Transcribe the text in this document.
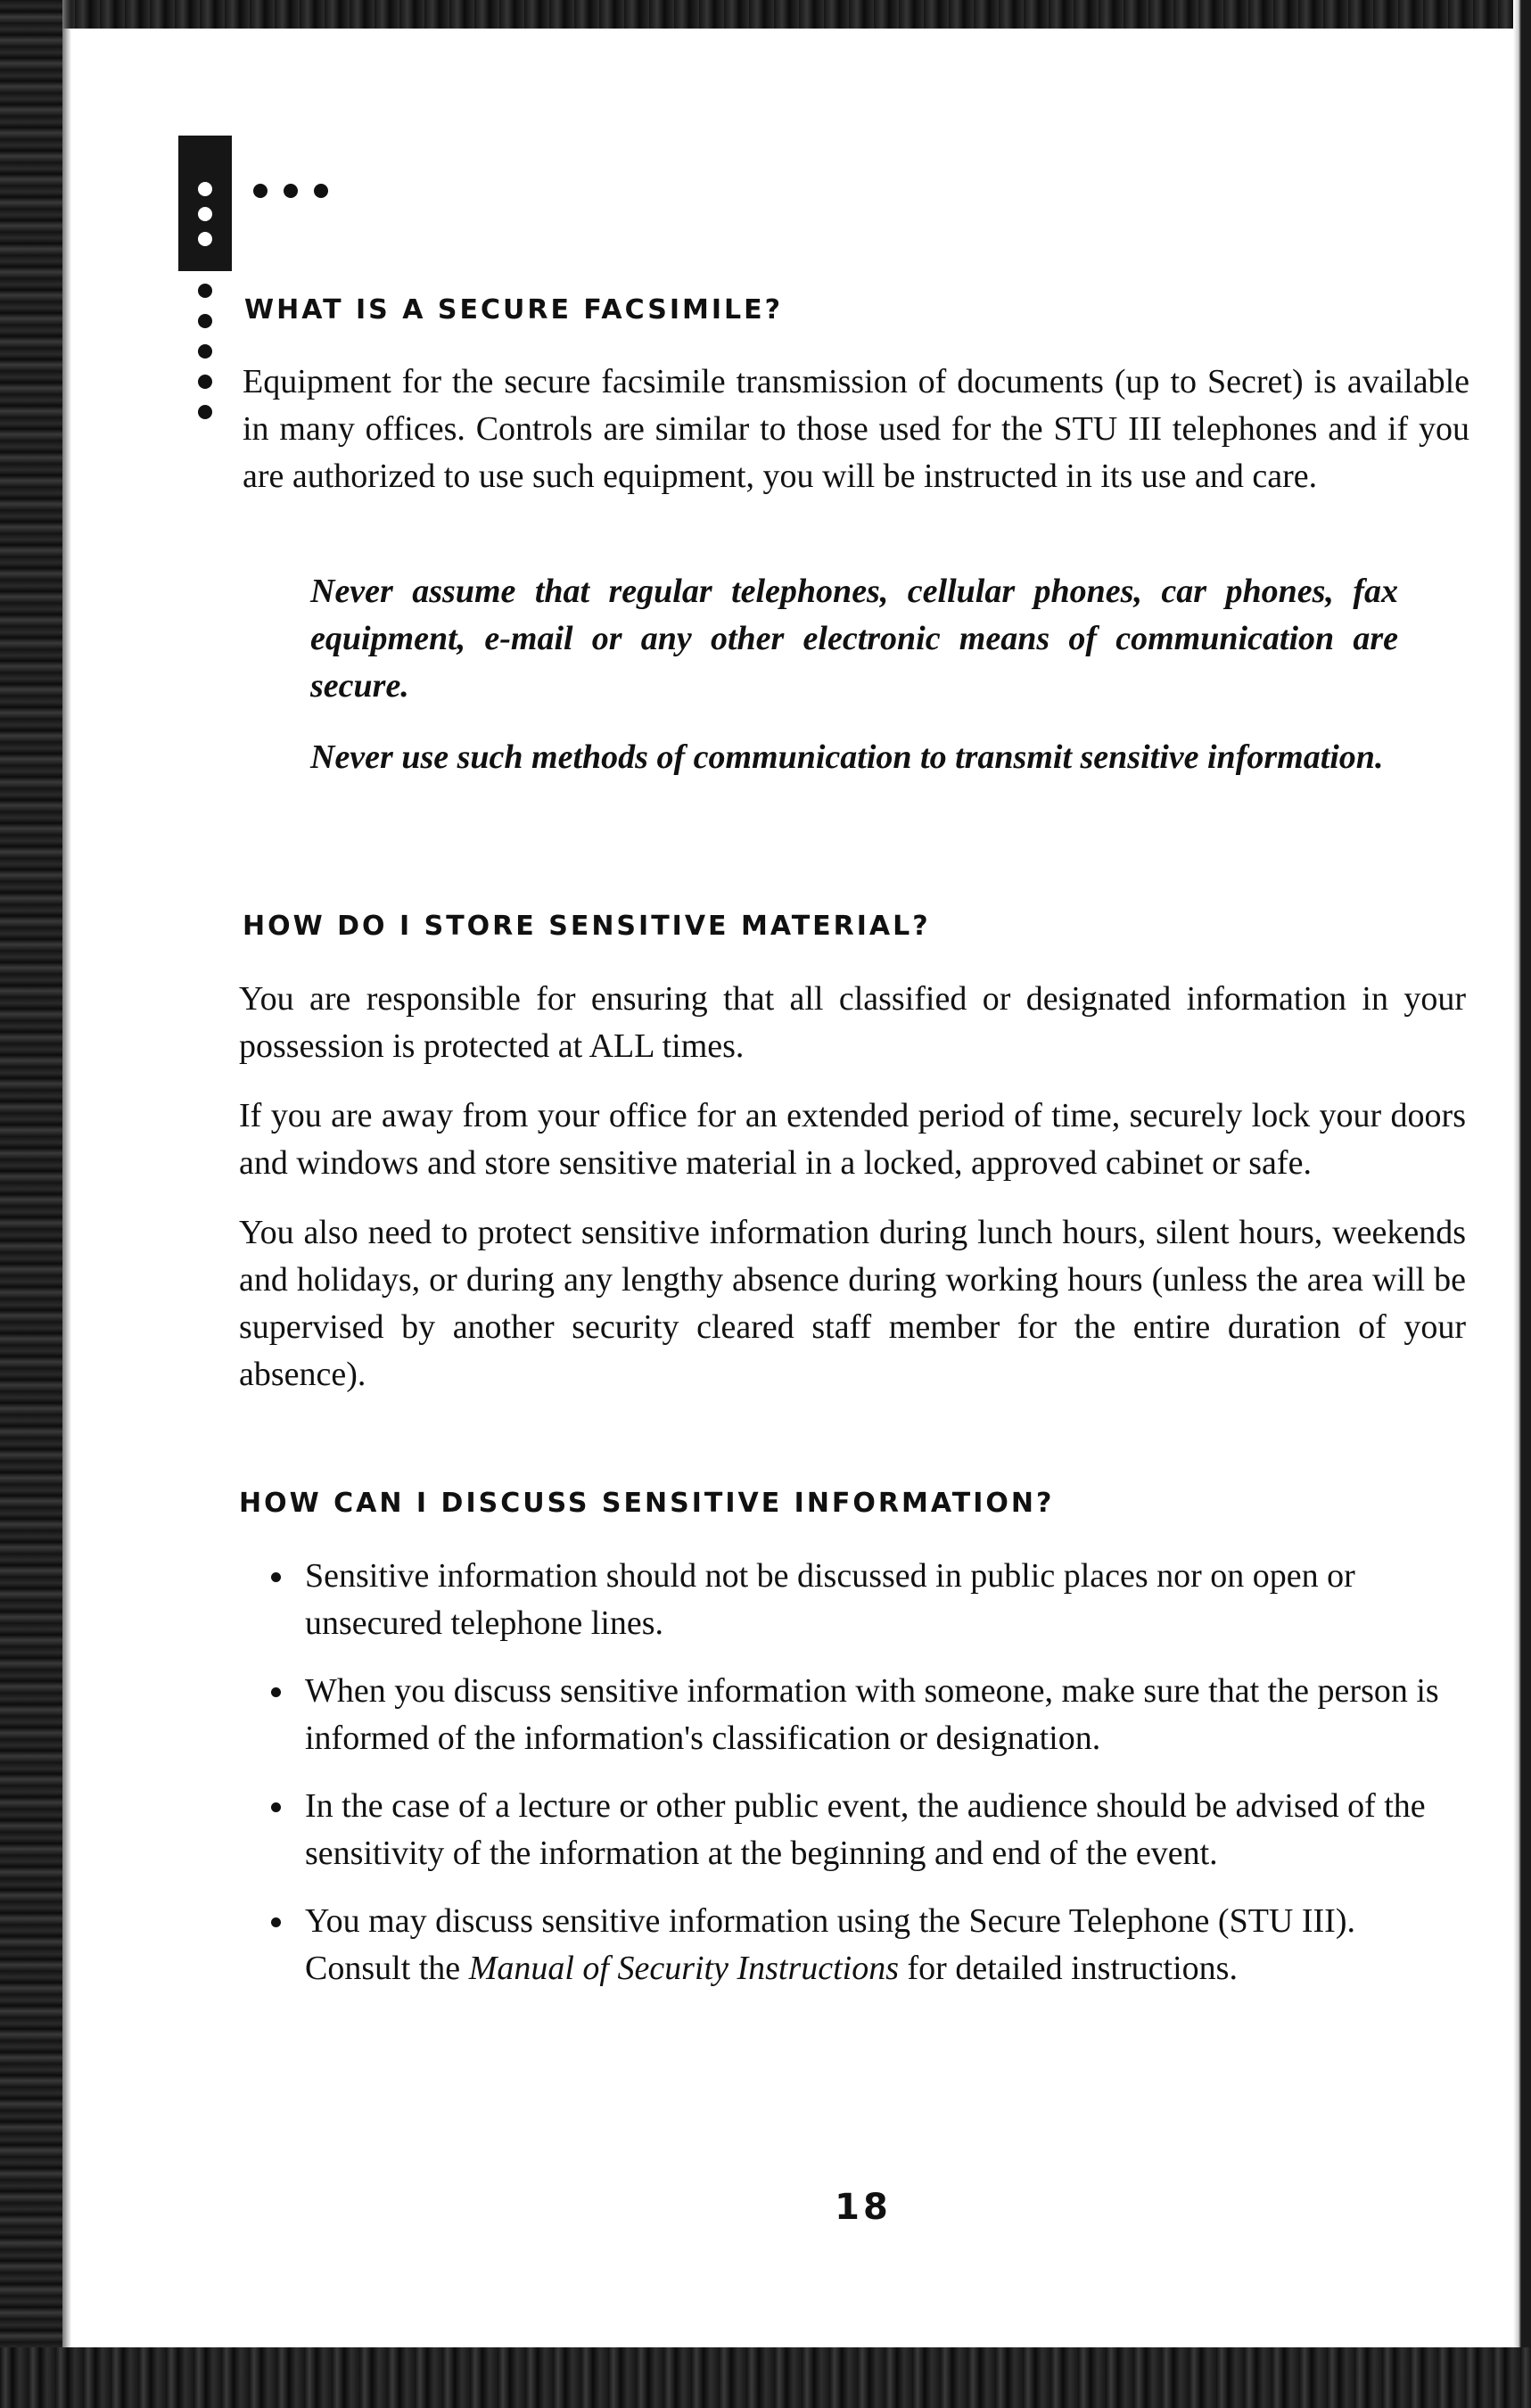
WHAT IS A SECURE FACSIMILE?

Equipment for the secure facsimile transmission of documents (up to Secret) is available in many offices. Controls are similar to those used for the STU III telephones and if you are authorized to use such equipment, you will be instructed in its use and care.

Never assume that regular telephones, cellular phones, car phones, fax equipment, e-mail or any other electronic means of communication are secure.

Never use such methods of communication to transmit sensitive information.

HOW DO I STORE SENSITIVE MATERIAL?

You are responsible for ensuring that all classified or designated information in your possession is protected at ALL times.

If you are away from your office for an extended period of time, securely lock your doors and windows and store sensitive material in a locked, approved cabinet or safe.

You also need to protect sensitive information during lunch hours, silent hours, weekends and holidays, or during any lengthy absence during working hours (unless the area will be supervised by another security cleared staff member for the entire duration of your absence).

HOW CAN I DISCUSS SENSITIVE INFORMATION?
Sensitive information should not be discussed in public places nor on open or unsecured telephone lines.
When you discuss sensitive information with someone, make sure that the person is informed of the information's classification or designation.
In the case of a lecture or other public event, the audience should be advised of the sensitivity of the information at the beginning and end of the event.
You may discuss sensitive information using the Secure Telephone (STU III). Consult the Manual of Security Instructions for detailed instructions.
18
